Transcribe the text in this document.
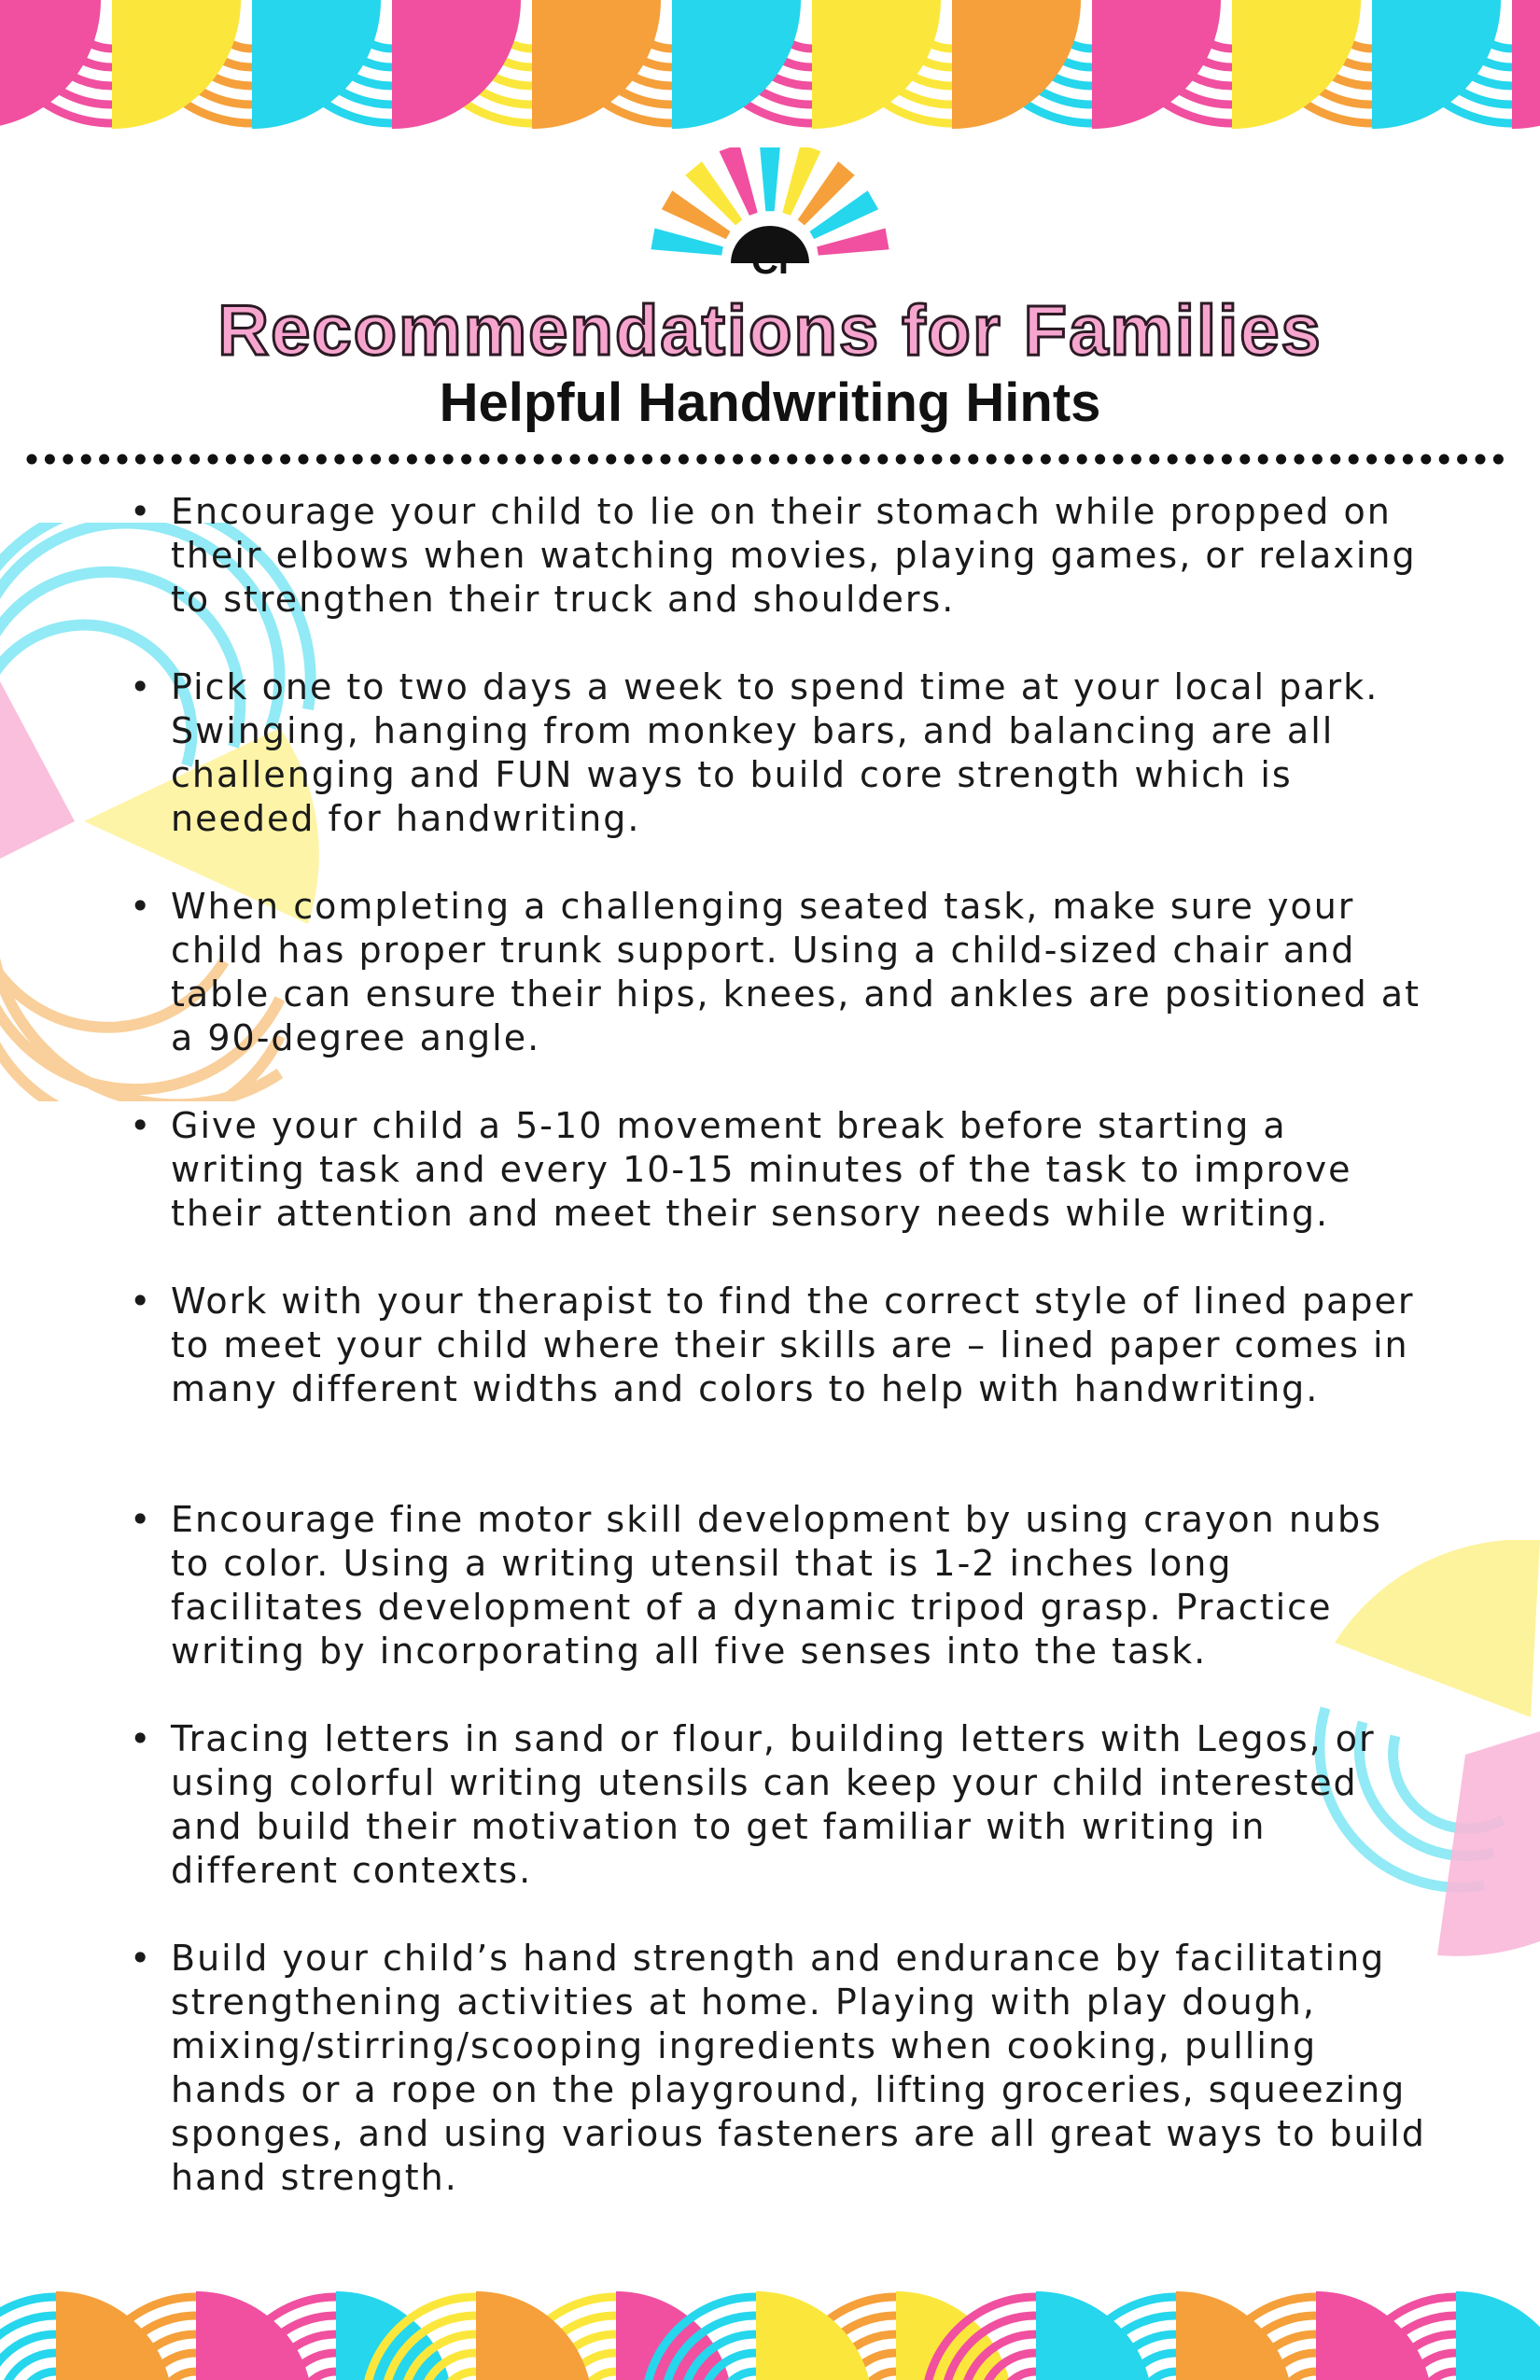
CI
Recommendations for Families
Helpful Handwriting Hints
• Encourage your child to lie on their stomach while propped on their elbows when watching movies, playing games, or relaxing to strengthen their truck and shoulders.
• Pick one to two days a week to spend time at your local park. Swinging, hanging from monkey bars, and balancing are all challenging and FUN ways to build core strength which is needed for handwriting.
• When completing a challenging seated task, make sure your child has proper trunk support. Using a child-sized chair and table can ensure their hips, knees, and ankles are positioned at a 90-degree angle.
• Give your child a 5-10 movement break before starting a writing task and every 10-15 minutes of the task to improve their attention and meet their sensory needs while writing.
• Work with your therapist to find the correct style of lined paper to meet your child where their skills are – lined paper comes in many different widths and colors to help with handwriting.
• Encourage fine motor skill development by using crayon nubs to color. Using a writing utensil that is 1-2 inches long facilitates development of a dynamic tripod grasp. Practice writing by incorporating all five senses into the task.
• Tracing letters in sand or flour, building letters with Legos, or using colorful writing utensils can keep your child interested and build their motivation to get familiar with writing in different contexts.
• Build your child’s hand strength and endurance by facilitating strengthening activities at home. Playing with play dough, mixing/stirring/scooping ingredients when cooking, pulling hands or a rope on the playground, lifting groceries, squeezing sponges, and using various fasteners are all great ways to build hand strength.
